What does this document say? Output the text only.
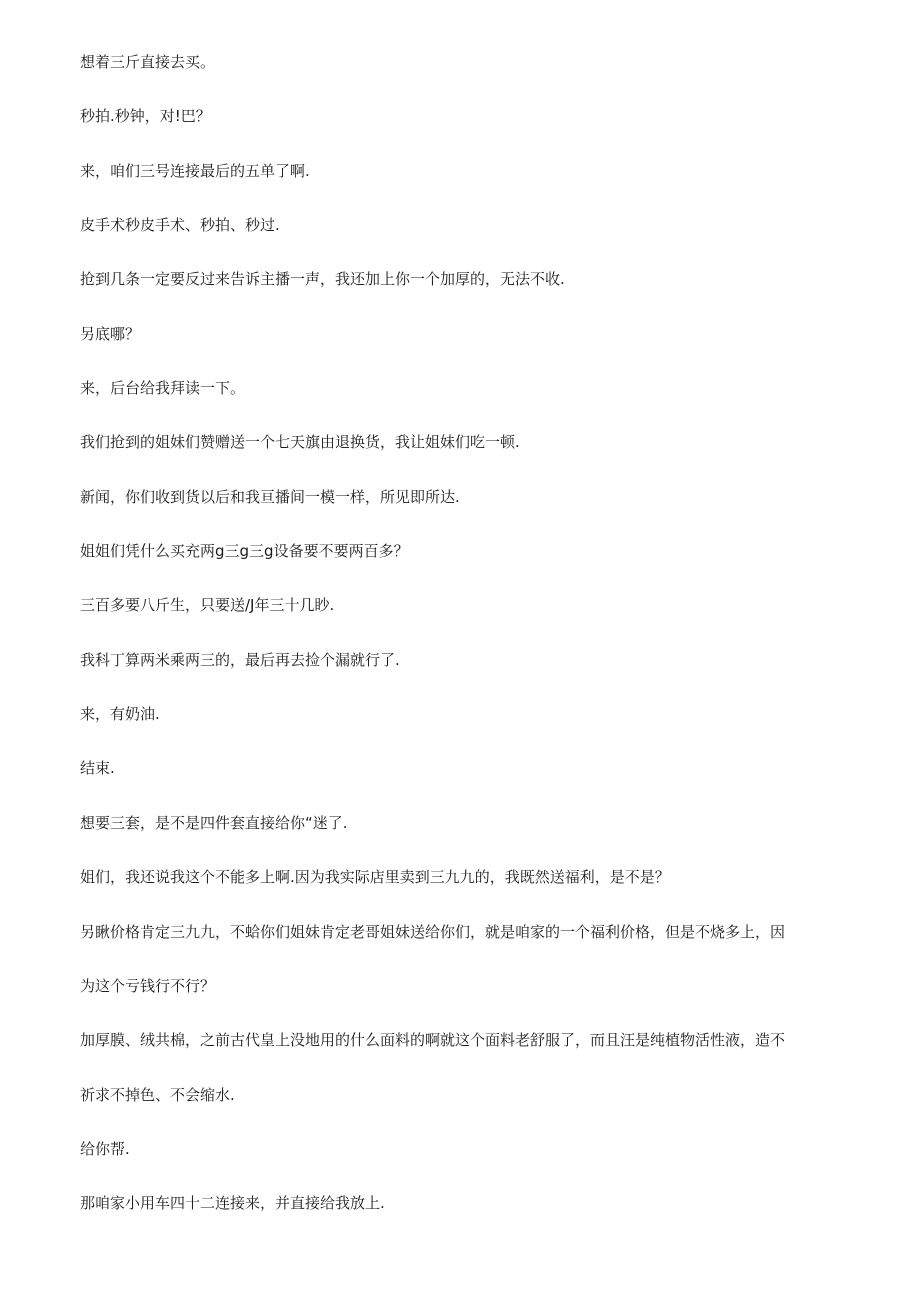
想着三斤直接去买。
秒拍.秒钟，对!巴？
来，咱们三号连接最后的五单了啊.
皮手术秒皮手术、秒拍、秒过.
抢到几条一定要反过来告诉主播一声，我还加上你一个加厚的，无法不收.
另底哪？
来，后台给我拜读一下。
我们抢到的姐妹们赞赠送一个七天旗由退换货，我让姐妹们吃一顿.
新闻，你们收到货以后和我亘播间一模一样，所见即所达.
姐姐们凭什么买充两g三g三g设备要不要两百多？
三百多要八斤生，只要送/J年三十几眇.
我科丁算两米乘两三的，最后再去捡个漏就行了.
来，有奶油.
结束.
想要三套，是不是四件套直接给你“迷了.
姐们，我还说我这个不能多上啊.因为我实际店里卖到三九九的，我既然送福利，是不是？
另瞅价格肯定三九九，不蛤你们姐妹肯定老哥姐妹送给你们，就是咱家的一个福利价格，但是不烧多上，因
为这个亏钱行不行？
加厚膜、绒共棉，之前古代皇上没地用的什么面料的啊就这个面料老舒服了，而且汪是纯植物活性液，造不
祈求不掉色、不会缩水.
给你帮.
那咱家小用车四十二连接来，并直接给我放上.
